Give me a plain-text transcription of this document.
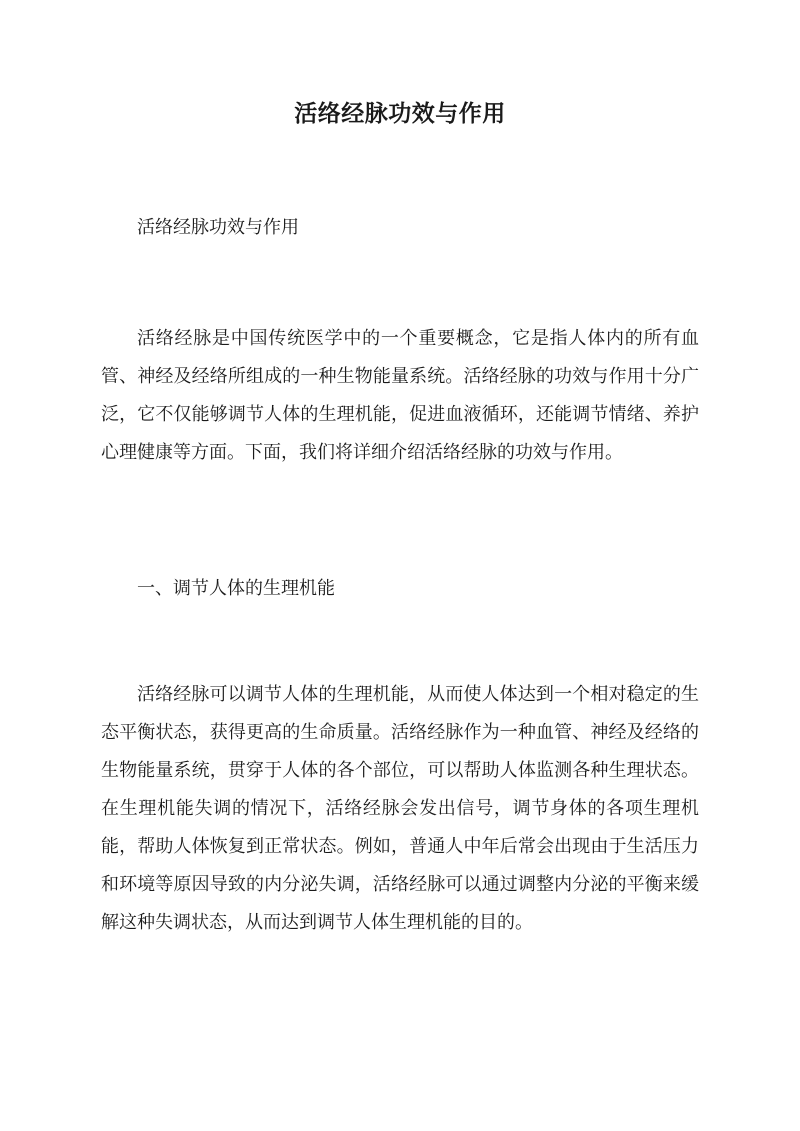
活络经脉功效与作用

活络经脉功效与作用

活络经脉是中国传统医学中的一个重要概念，它是指人体内的所有血管、神经及经络所组成的一种生物能量系统。活络经脉的功效与作用十分广泛，它不仅能够调节人体的生理机能，促进血液循环，还能调节情绪、养护心理健康等方面。下面，我们将详细介绍活络经脉的功效与作用。

一、调节人体的生理机能

活络经脉可以调节人体的生理机能，从而使人体达到一个相对稳定的生态平衡状态，获得更高的生命质量。活络经脉作为一种血管、神经及经络的生物能量系统，贯穿于人体的各个部位，可以帮助人体监测各种生理状态。在生理机能失调的情况下，活络经脉会发出信号，调节身体的各项生理机能，帮助人体恢复到正常状态。例如，普通人中年后常会出现由于生活压力和环境等原因导致的内分泌失调，活络经脉可以通过调整内分泌的平衡来缓解这种失调状态，从而达到调节人体生理机能的目的。
